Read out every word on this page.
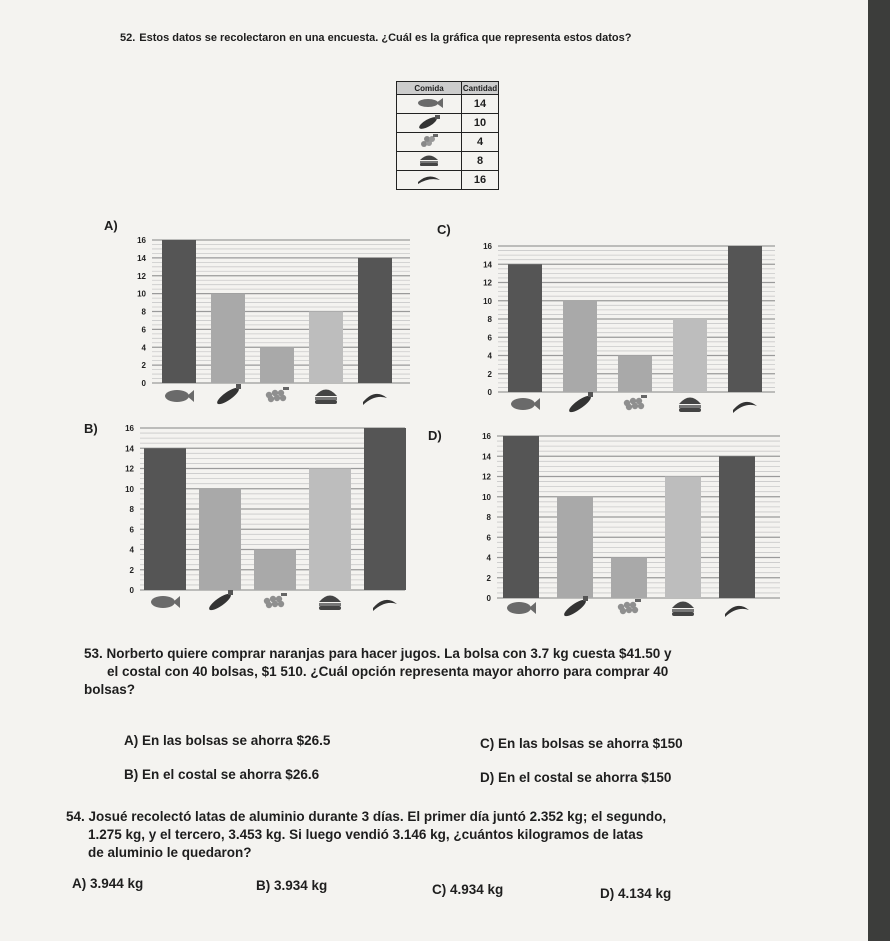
52. Estos datos se recolectaron en una encuesta. ¿Cuál es la gráfica que representa estos datos?
Comida	Cantidad
	14
	10
	4
	8
	16
A)	C)
B)	D)
0
2
4
6
8
10
12
14
16
0
2
4
6
8
10
12
14
16
0
2
4
6
8
10
12
14
16
0
2
4
6
8
10
12
14
16
53. Norberto quiere comprar naranjas para hacer jugos. La bolsa con 3.7 kg cuesta $41.50 y
el costal con 40 bolsas, $1 510. ¿Cuál opción representa mayor ahorro para comprar 40
bolsas?
A) En las bolsas se ahorra $26.5
B) En el costal se ahorra $26.6
C) En las bolsas se ahorra $150
D) En el costal se ahorra $150
54. Josué recolectó latas de aluminio durante 3 días. El primer día juntó 2.352 kg; el segundo,
1.275 kg, y el tercero, 3.453 kg. Si luego vendió 3.146 kg, ¿cuántos kilogramos de latas
de aluminio le quedaron?
A) 3.944 kg	B) 3.934 kg	C) 4.934 kg	D) 4.134 kg
